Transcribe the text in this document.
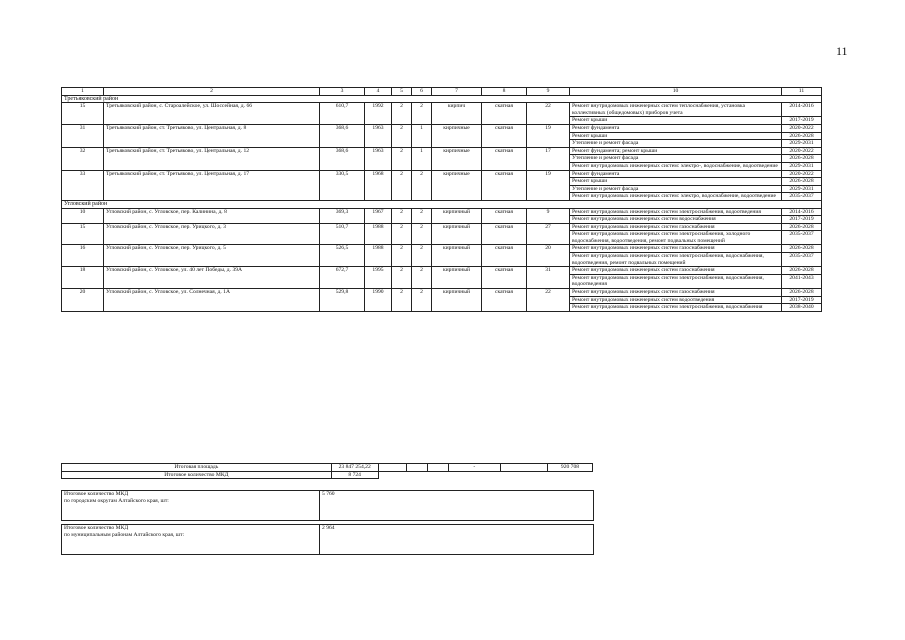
11
1	2	3	4	5	6	7	8	9	10	11
Третьяковский район										
15	Третьяковский район, с. Староалейское, ул. Шоссейная, д. 66	610,7	1992	2	2	кирпич	скатная	22	Ремонт внутридомовых инженерных систем теплоснабжения, установка коллективных (общедомовых) приборов учета	2014-2016
									Ремонт крыши	2017-2019
31	Третьяковский район, ст. Третьяково, ул. Центральная, д. 8	368,6	1963	2	1	кирпичные	скатная	19	Ремонт фундамента	2020-2022
									Ремонт крыши	2026-2028
									Утепление и ремонт фасада	2029-2031
32	Третьяковский район, ст. Третьяково, ул. Центральная, д. 12	368,6	1963	2	1	кирпичные	скатная	17	Ремонт фундамента; ремонт крыши	2020-2022
									Утепление и ремонт фасада	2026-2028
									Ремонт внутридомовых инженерных систем: электро-, водоснабжение, водоотведение	2029-2031
33	Третьяковский район, ст. Третьяково, ул. Центральная, д. 17	330,5	1968	2	2	кирпичные	скатная	19	Ремонт фундамента	2020-2022
									Ремонт крыши	2026-2028
									Утепление и ремонт фасада	2029-2031
									Ремонт внутридомовых инженерных систем: электро, водоснабжение, водоотведение	2035-2037
Угловский район										
10	Угловский район, с. Угловское, пер. Калинина, д. 8	369,3	1967	2	2	кирпичный	скатная	9	Ремонт внутридомовых инженерных систем электроснабжения, водоотведения	2014-2016
									Ремонт внутридомовых инженерных систем водоснабжения	2017-2019
15	Угловский район, с. Угловское, пер. Урицкого, д. 3	510,7	1988	2	2	кирпичный	скатная	27	Ремонт внутридомовых инженерных систем газоснабжения	2026-2028
									Ремонт внутридомовых инженерных систем электроснабжения, холодного водоснабжения, водоотведения, ремонт подвальных помещений	2035-2037
16	Угловский район, с. Угловское, пер. Урицкого, д. 5	526,5	1988	2	2	кирпичный	скатная	20	Ремонт внутридомовых инженерных систем газоснабжения	2026-2028
									Ремонт внутридомовых инженерных систем электроснабжения, водоснабжения, водоотведения, ремонт подвальных помещений	2035-2037
18	Угловский район, с. Угловское, ул. 40 лет Победы, д. 39А	672,7	1995	2	2	кирпичный	скатная	31	Ремонт внутридомовых инженерных систем газоснабжения	2026-2028
									Ремонт внутридомовых инженерных систем электроснабжения, водоснабжения, водоотведения	2041-2043
20	Угловский район, с. Угловское, ул. Солнечная, д. 1А	529,8	1990	2	2	кирпичный	скатная	22	Ремонт внутридомовых инженерных систем газоснабжения	2026-2028
									Ремонт внутридомовых инженерных систем водоотведения	2017-2019
									Ремонт внутридомовых инженерных систем электроснабжения, водоснабжения	2038-2040
Итоговая площадь	23 847 254,22				-		920 708
Итоговое количество МКД	8 724						
Итоговое количество МКД
по городским округам Алтайского края, шт:
	5 760
Итоговое количество МКД
по муниципальным районам Алтайского края, шт:
	2 964
